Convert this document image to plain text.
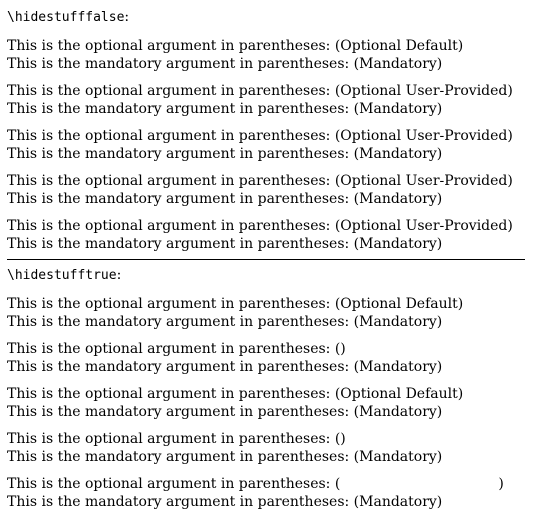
\hidestufffalse:
This is the optional argument in parentheses: (Optional Default)
This is the mandatory argument in parentheses: (Mandatory)
This is the optional argument in parentheses: (Optional User-Provided)
This is the mandatory argument in parentheses: (Mandatory)
This is the optional argument in parentheses: (Optional User-Provided)
This is the mandatory argument in parentheses: (Mandatory)
This is the optional argument in parentheses: (Optional User-Provided)
This is the mandatory argument in parentheses: (Mandatory)
This is the optional argument in parentheses: (Optional User-Provided)
This is the mandatory argument in parentheses: (Mandatory)
\hidestufftrue:
This is the optional argument in parentheses: (Optional Default)
This is the mandatory argument in parentheses: (Mandatory)
This is the optional argument in parentheses: ()
This is the mandatory argument in parentheses: (Mandatory)
This is the optional argument in parentheses: (Optional Default)
This is the mandatory argument in parentheses: (Mandatory)
This is the optional argument in parentheses: ()
This is the mandatory argument in parentheses: (Mandatory)
This is the optional argument in parentheses: (	)
This is the mandatory argument in parentheses: (Mandatory)
